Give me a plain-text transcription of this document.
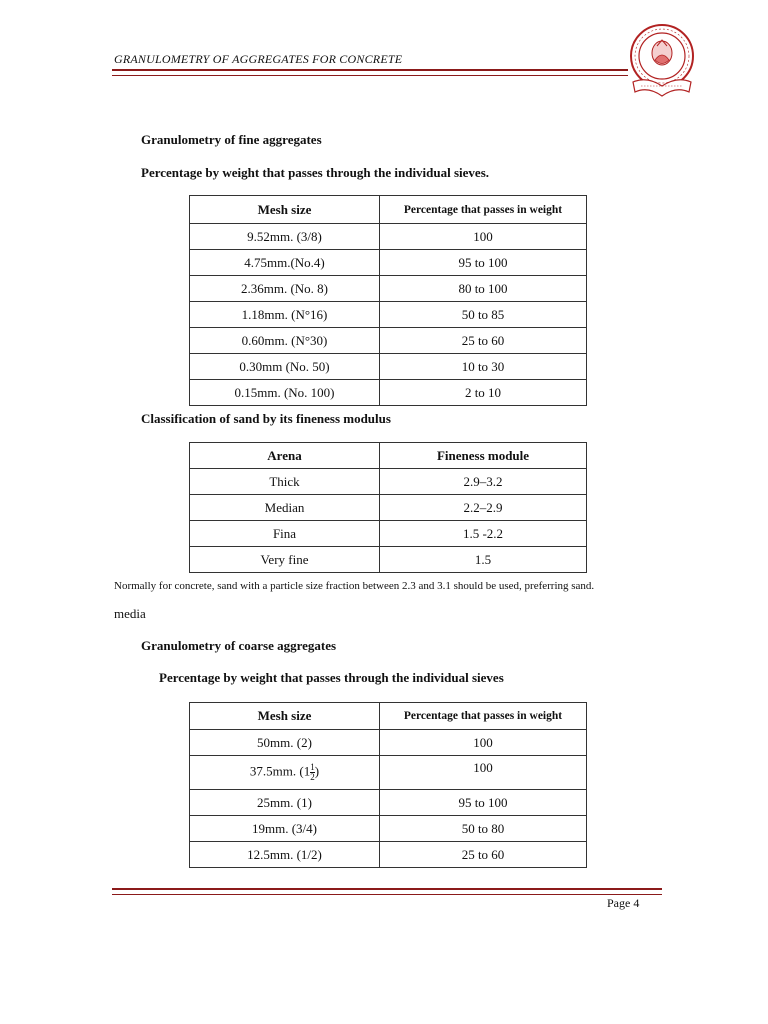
GRANULOMETRY OF AGGREGATES FOR CONCRETE
Granulometry of fine aggregates
Percentage by weight that passes through the individual sieves.
Mesh size	Percentage that passes in weight
9.52mm. (3/8)	100
4.75mm.(No.4)	95 to 100
2.36mm. (No. 8)	80 to 100
1.18mm. (N°16)	50 to 85
0.60mm. (N°30)	25 to 60
0.30mm (No. 50)	10 to 30
0.15mm. (No. 100)	2 to 10
Classification of sand by its fineness modulus
Arena	Fineness module
Thick	2.9–3.2
Median	2.2–2.9
Fina	1.5 -2.2
Very fine	1.5
Normally for concrete, sand with a particle size fraction between 2.3 and 3.1 should be used, preferring sand.
media
Granulometry of coarse aggregates
Percentage by weight that passes through the individual sieves
Mesh size	Percentage that passes in weight
50mm. (2)	100
37.5mm. ($1 \frac{1}{2}$ )	100
25mm. (1)	95 to 100
19mm. (3/4)	50 to 80
12.5mm. (1/2)	25 to 60
Page 4
